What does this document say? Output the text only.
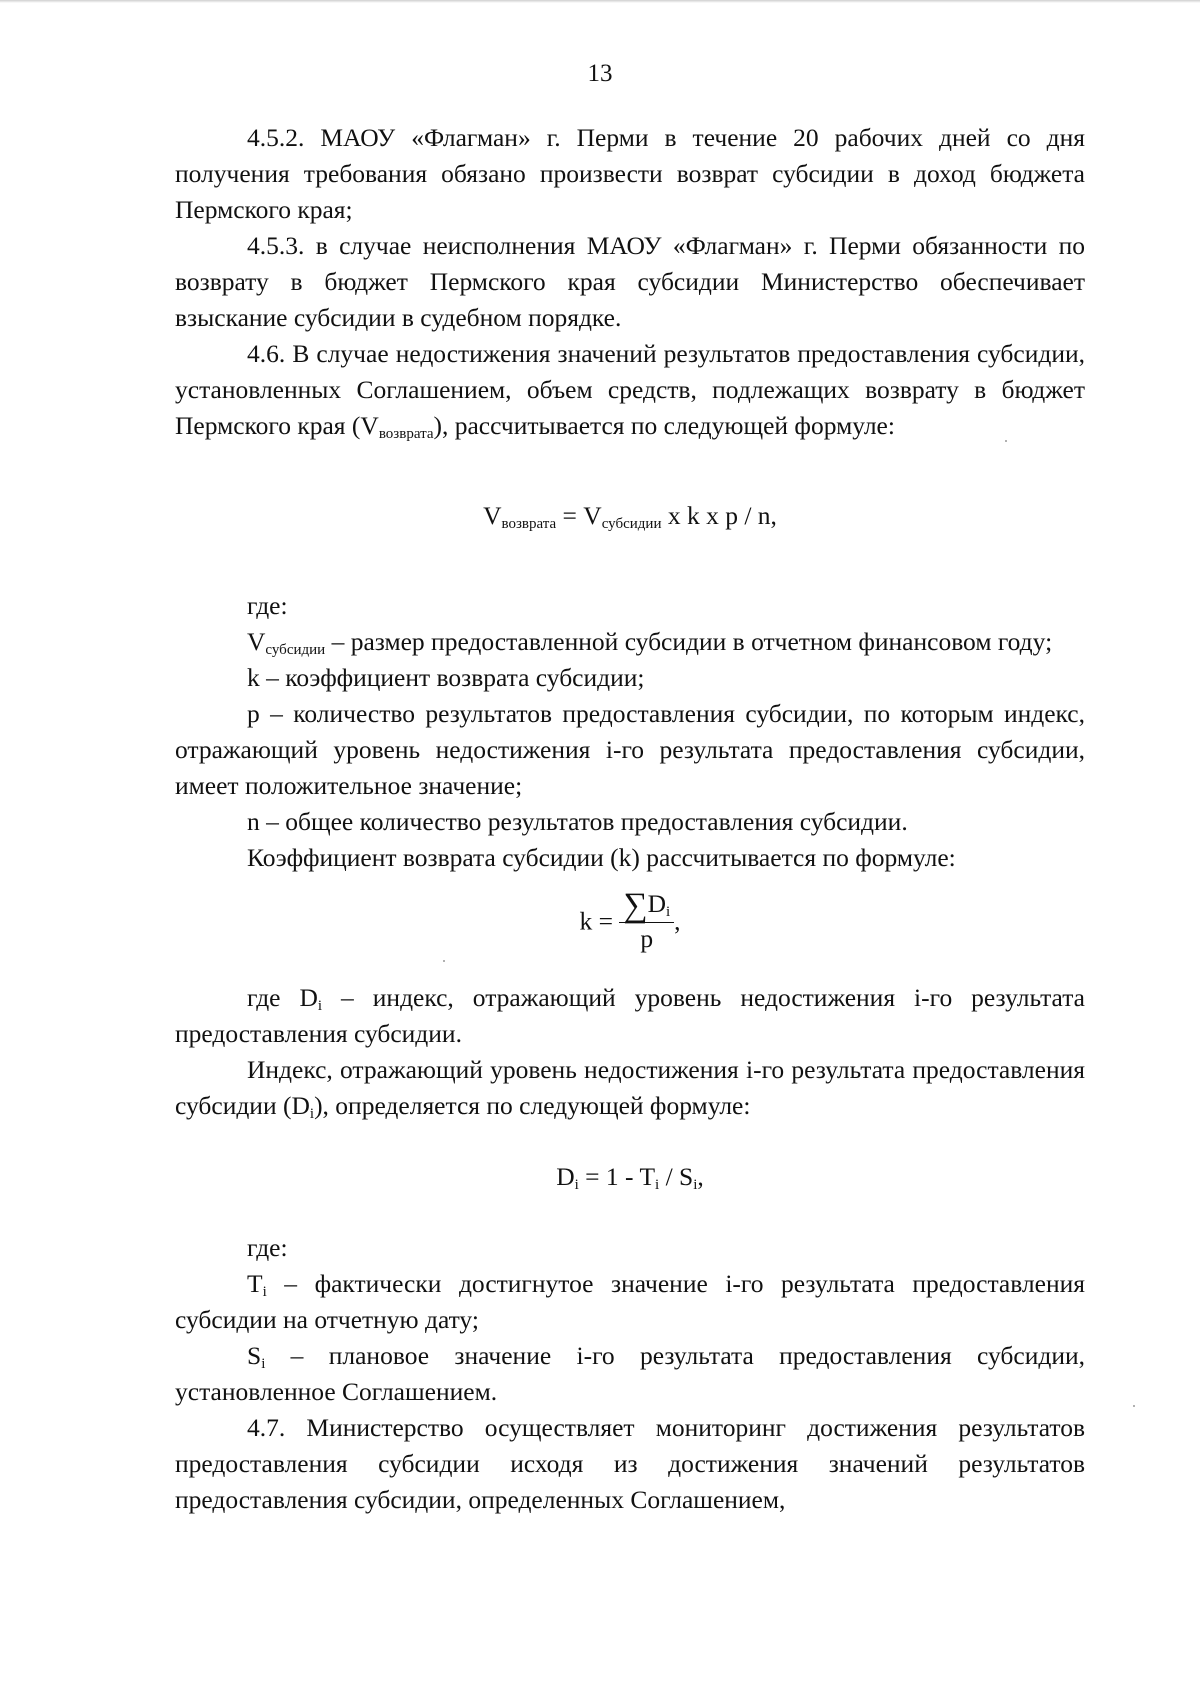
13

4.5.2. МАОУ «Флагман» г. Перми в течение 20 рабочих дней со дня получения требования обязано произвести возврат субсидии в доход бюджета Пермского края;

4.5.3. в случае неисполнения МАОУ «Флагман» г. Перми обязанности по возврату в бюджет Пермского края субсидии Министерство обеспечивает взыскание субсидии в судебном порядке.

4.6. В случае недостижения значений результатов предоставления субсидии, установленных Соглашением, объем средств, подлежащих возврату в бюджет Пермского края $(V_{возврата})$, рассчитывается по следующей формуле:

$V_{возврата} = V_{субсидии}$ x k x p / n,

где:

$V_{субсидии}$ – размер предоставленной субсидии в отчетном финансовом году;

k – коэффициент возврата субсидии;

p – количество результатов предоставления субсидии, по которым индекс, отражающий уровень недостижения i-го результата предоставления субсидии, имеет положительное значение;

n – общее количество результатов предоставления субсидии.

Коэффициент возврата субсидии (k) рассчитывается по формуле:

$k = \frac{\sum D_i}{p}$ ,

где $D_i$ – индекс, отражающий уровень недостижения i-го результата предоставления субсидии.

Индекс, отражающий уровень недостижения i-го результата предоставления субсидии $(D_i)$, определяется по следующей формуле:

$D_i = 1 - T_i / S_i$,

где:

$T_i$ – фактически достигнутое значение i-го результата предоставления субсидии на отчетную дату;

$S_i$ – плановое значение i-го результата предоставления субсидии, установленное Соглашением.

4.7. Министерство осуществляет мониторинг достижения результатов предоставления субсидии исходя из достижения значений результатов предоставления субсидии, определенных Соглашением,
